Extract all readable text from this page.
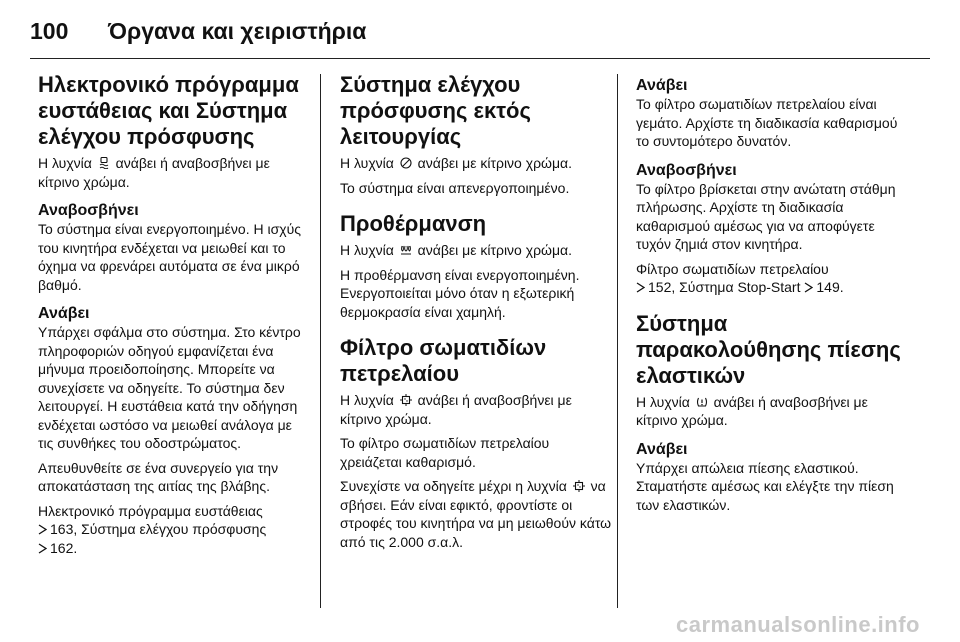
100	Όργανα και χειριστήρια
Ηλεκτρονικό πρόγραμμα ευστάθειας και Σύστημα ελέγχου πρόσφυσης

Η λυχνία ανάβει ή αναβοσβήνει με κίτρινο χρώμα.

Αναβοσβήνει

Το σύστημα είναι ενεργοποιημένο. Η ισχύς του κινητήρα ενδέχεται να μειωθεί και το όχημα να φρενάρει αυτόματα σε ένα μικρό βαθμό.

Ανάβει

Υπάρχει σφάλμα στο σύστημα. Στο κέντρο πληροφοριών οδηγού εμφανίζεται ένα μήνυμα προειδοποίησης. Μπορείτε να συνεχίσετε να οδηγείτε. Το σύστημα δεν λειτουργεί. Η ευστάθεια κατά την οδήγηση ενδέχεται ωστόσο να μειωθεί ανάλογα με τις συνθήκες του οδοστρώματος.

Απευθυνθείτε σε ένα συνεργείο για την αποκατάσταση της αιτίας της βλάβης.

Ηλεκτρονικό πρόγραμμα ευστάθειας
163, Σύστημα ελέγχου πρόσφυσης
162.

Σύστημα ελέγχου πρόσφυσης εκτός λειτουργίας

Η λυχνία ανάβει με κίτρινο χρώμα.

Το σύστημα είναι απενεργοποιημένο.

Προθέρμανση

Η λυχνία ανάβει με κίτρινο χρώμα.

Η προθέρμανση είναι ενεργοποιημένη. Ενεργοποιείται μόνο όταν η εξωτερική θερμοκρασία είναι χαμηλή.

Φίλτρο σωματιδίων πετρελαίου

Η λυχνία ανάβει ή αναβοσβήνει με κίτρινο χρώμα.

Το φίλτρο σωματιδίων πετρελαίου χρειάζεται καθαρισμό.

Συνεχίστε να οδηγείτε μέχρι η λυχνία να σβήσει. Εάν είναι εφικτό, φροντίστε οι στροφές του κινητήρα να μη μειωθούν κάτω από τις 2.000 σ.α.λ.

Ανάβει

Το φίλτρο σωματιδίων πετρελαίου είναι γεμάτο. Αρχίστε τη διαδικασία καθαρισμού το συντομότερο δυνατόν.

Αναβοσβήνει

Το φίλτρο βρίσκεται στην ανώτατη στάθμη πλήρωσης. Αρχίστε τη διαδικασία καθαρισμού αμέσως για να αποφύγετε τυχόν ζημιά στον κινητήρα.

Φίλτρο σωματιδίων πετρελαίου
152, Σύστημα Stop-Start 149.

Σύστημα παρακολούθησης πίεσης ελαστικών

Η λυχνία ανάβει ή αναβοσβήνει με κίτρινο χρώμα.

Ανάβει

Υπάρχει απώλεια πίεσης ελαστικού. Σταματήστε αμέσως και ελέγξτε την πίεση των ελαστικών.

carmanualsonline.info
